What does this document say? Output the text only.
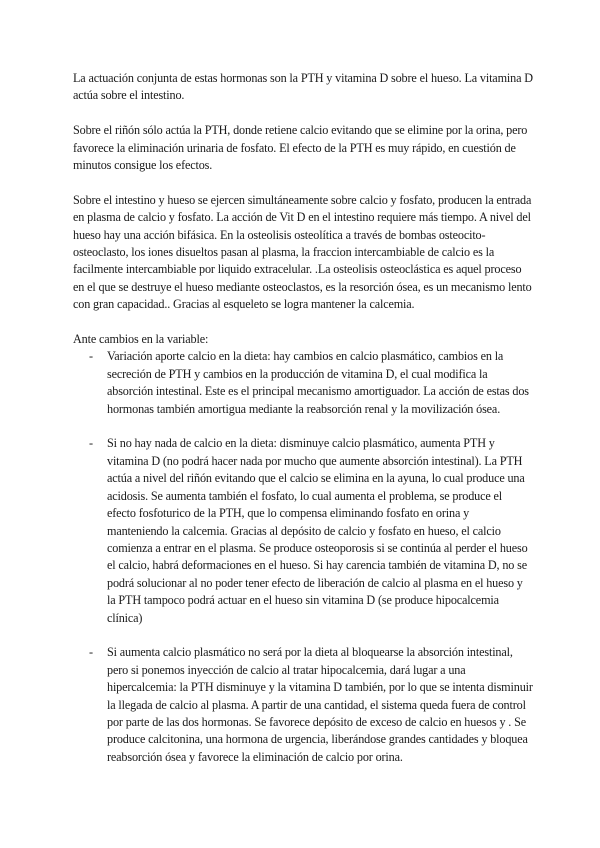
La actuación conjunta de estas hormonas son la PTH y vitamina D sobre el hueso. La vitamina D actúa sobre el intestino.

Sobre el riñón sólo actúa la PTH, donde retiene calcio evitando que se elimine por la orina, pero favorece la eliminación urinaria de fosfato. El efecto de la PTH es muy rápido, en cuestión de minutos consigue los efectos.

Sobre el intestino y hueso se ejercen simultáneamente sobre calcio y fosfato, producen la entrada en plasma de calcio y fosfato. La acción de Vit D en el intestino requiere más tiempo. A nivel del hueso hay una acción bifásica. En la osteolisis osteolítica a través de bombas osteocito-osteoclasto, los iones disueltos pasan al plasma, la fraccion intercambiable de calcio es la facilmente intercambiable por liquido extracelular. .La osteolisis osteoclástica es aquel proceso en el que se destruye el hueso mediante osteoclastos, es la resorción ósea, es un mecanismo lento con gran capacidad.. Gracias al esqueleto se logra mantener la calcemia.

Ante cambios en la variable:

- Variación aporte calcio en la dieta: hay cambios en calcio plasmático, cambios en la secreción de PTH y cambios en la producción de vitamina D, el cual modifica la absorción intestinal. Este es el principal mecanismo amortiguador. La acción de estas dos hormonas también amortigua mediante la reabsorción renal y la movilización ósea.
- Si no hay nada de calcio en la dieta: disminuye calcio plasmático, aumenta PTH y vitamina D (no podrá hacer nada por mucho que aumente absorción intestinal). La PTH actúa a nivel del riñón evitando que el calcio se elimina en la ayuna, lo cual produce una acidosis. Se aumenta también el fosfato, lo cual aumenta el problema, se produce el efecto fosfoturico de la PTH, que lo compensa eliminando fosfato en orina y manteniendo la calcemia. Gracias al depósito de calcio y fosfato en hueso, el calcio comienza a entrar en el plasma. Se produce osteoporosis si se continúa al perder el hueso el calcio, habrá deformaciones en el hueso. Si hay carencia también de vitamina D, no se podrá solucionar al no poder tener efecto de liberación de calcio al plasma en el hueso y la PTH tampoco podrá actuar en el hueso sin vitamina D (se produce hipocalcemia clínica)
- Si aumenta calcio plasmático no será por la dieta al bloquearse la absorción intestinal, pero si ponemos inyección de calcio al tratar hipocalcemia, dará lugar a una hipercalcemia: la PTH disminuye y la vitamina D también, por lo que se intenta disminuir la llegada de calcio al plasma. A partir de una cantidad, el sistema queda fuera de control por parte de las dos hormonas. Se favorece depósito de exceso de calcio en huesos y . Se produce calcitonina, una hormona de urgencia, liberándose grandes cantidades y bloquea reabsorción ósea y favorece la eliminación de calcio por orina.
